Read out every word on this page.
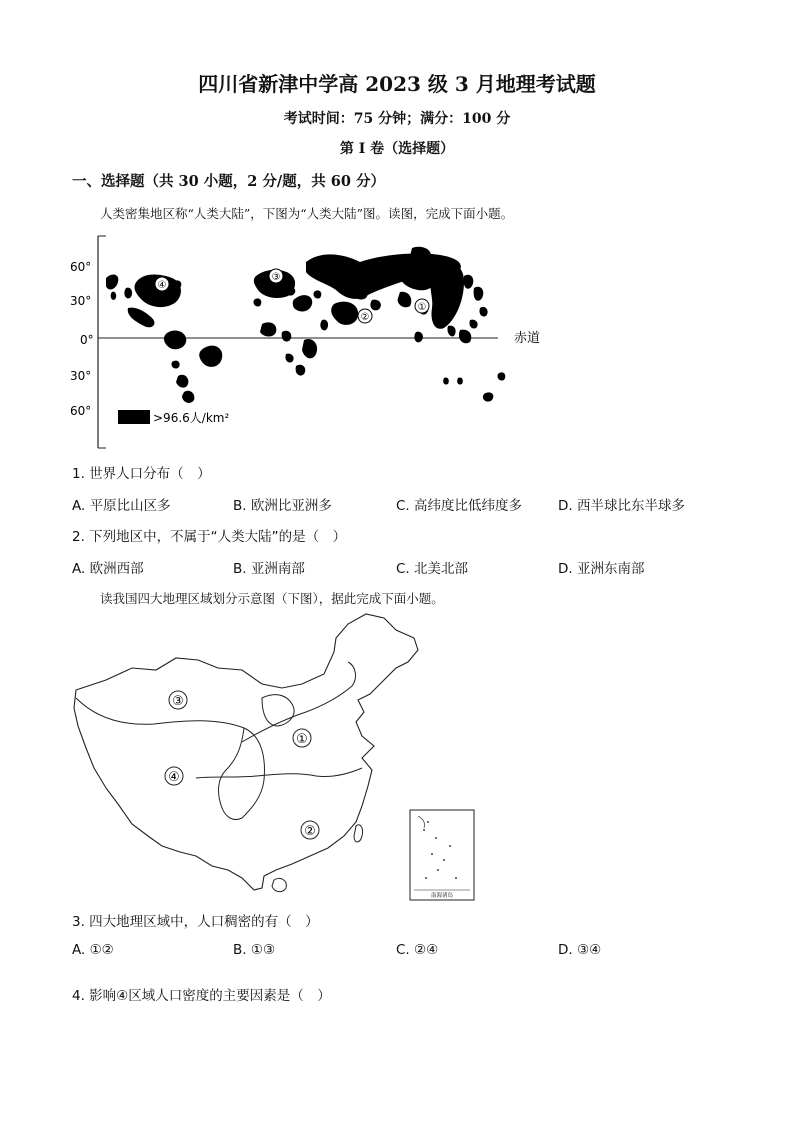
四川省新津中学高 2023 级 3 月地理考试题
考试时间：75 分钟；满分：100 分
第 I 卷（选择题）
一、选择题（共 30 小题，2 分/题，共 60 分）
人类密集地区称“人类大陆”，下图为“人类大陆”图。读图，完成下面小题。
60°
30°
0°
30°
60°
赤道
④
③
②
①
>96.6人/km²
1. 世界人口分布（　）
A. 平原比山区多	B. 欧洲比亚洲多	C. 高纬度比低纬度多	D. 西半球比东半球多
2. 下列地区中，不属于“人类大陆”的是（　）
A. 欧洲西部	B. 亚洲南部	C. 北美北部	D. 亚洲东南部
读我国四大地理区域划分示意图（下图），据此完成下面小题。
③
①
④
②
南海诸岛
3. 四大地理区域中，人口稠密的有（　）
A. ①②	B. ①③	C. ②④	D. ③④
4. 影响④区域人口密度的主要因素是（　）
